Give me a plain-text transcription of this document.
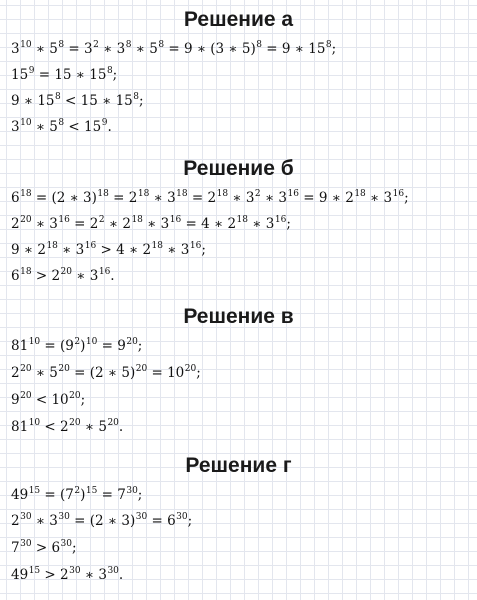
Решение а
$3^{10}$ ∗ $5^8 = 3^2$ ∗ $3^8$ ∗ $5^8 = 9$ ∗ (3 ∗ 5)$^8$ = 9 ∗ $15^8$;
$15^9 = 15$ ∗ $15^8$;
9 ∗ $15^8 < 15$ ∗ $15^8$;
$3^{10}$ ∗ $5^8 < 15^9$.
Решение б
$6^{18} = (2$ ∗ $3)^{18} = 2^{18}$ ∗ $3^{18} = 2^{18}$ ∗ $3^2$ ∗ $3^{16} = 9$ ∗ $2^{18}$ ∗ $3^{16}$;
$2^{20}$ ∗ $3^{16} = 2^2$ ∗ $2^{18}$ ∗ $3^{16} = 4$ ∗ $2^{18}$ ∗ $3^{16}$;
9 ∗ $2^{18}$ ∗ $3^{16} > 4$ ∗ $2^{18}$ ∗ $3^{16}$;
$6^{18} > 2^{20}$ ∗ $3^{16}$.
Решение в
$81^{10} = (9^2)^{10} = 9^{20}$;
$2^{20}$ ∗ $5^{20} = (2$ ∗ $5)^{20} = 10^{20}$;
$9^{20} < 10^{20}$;
$81^{10} < 2^{20}$ ∗ $5^{20}$.
Решение г
$49^{15} = (7^2)^{15} = 7^{30}$;
$2^{30}$ ∗ $3^{30} = (2$ ∗ $3)^{30} = 6^{30}$;
$7^{30} > 6^{30}$;
$49^{15} > 2^{30}$ ∗ $3^{30}$.
